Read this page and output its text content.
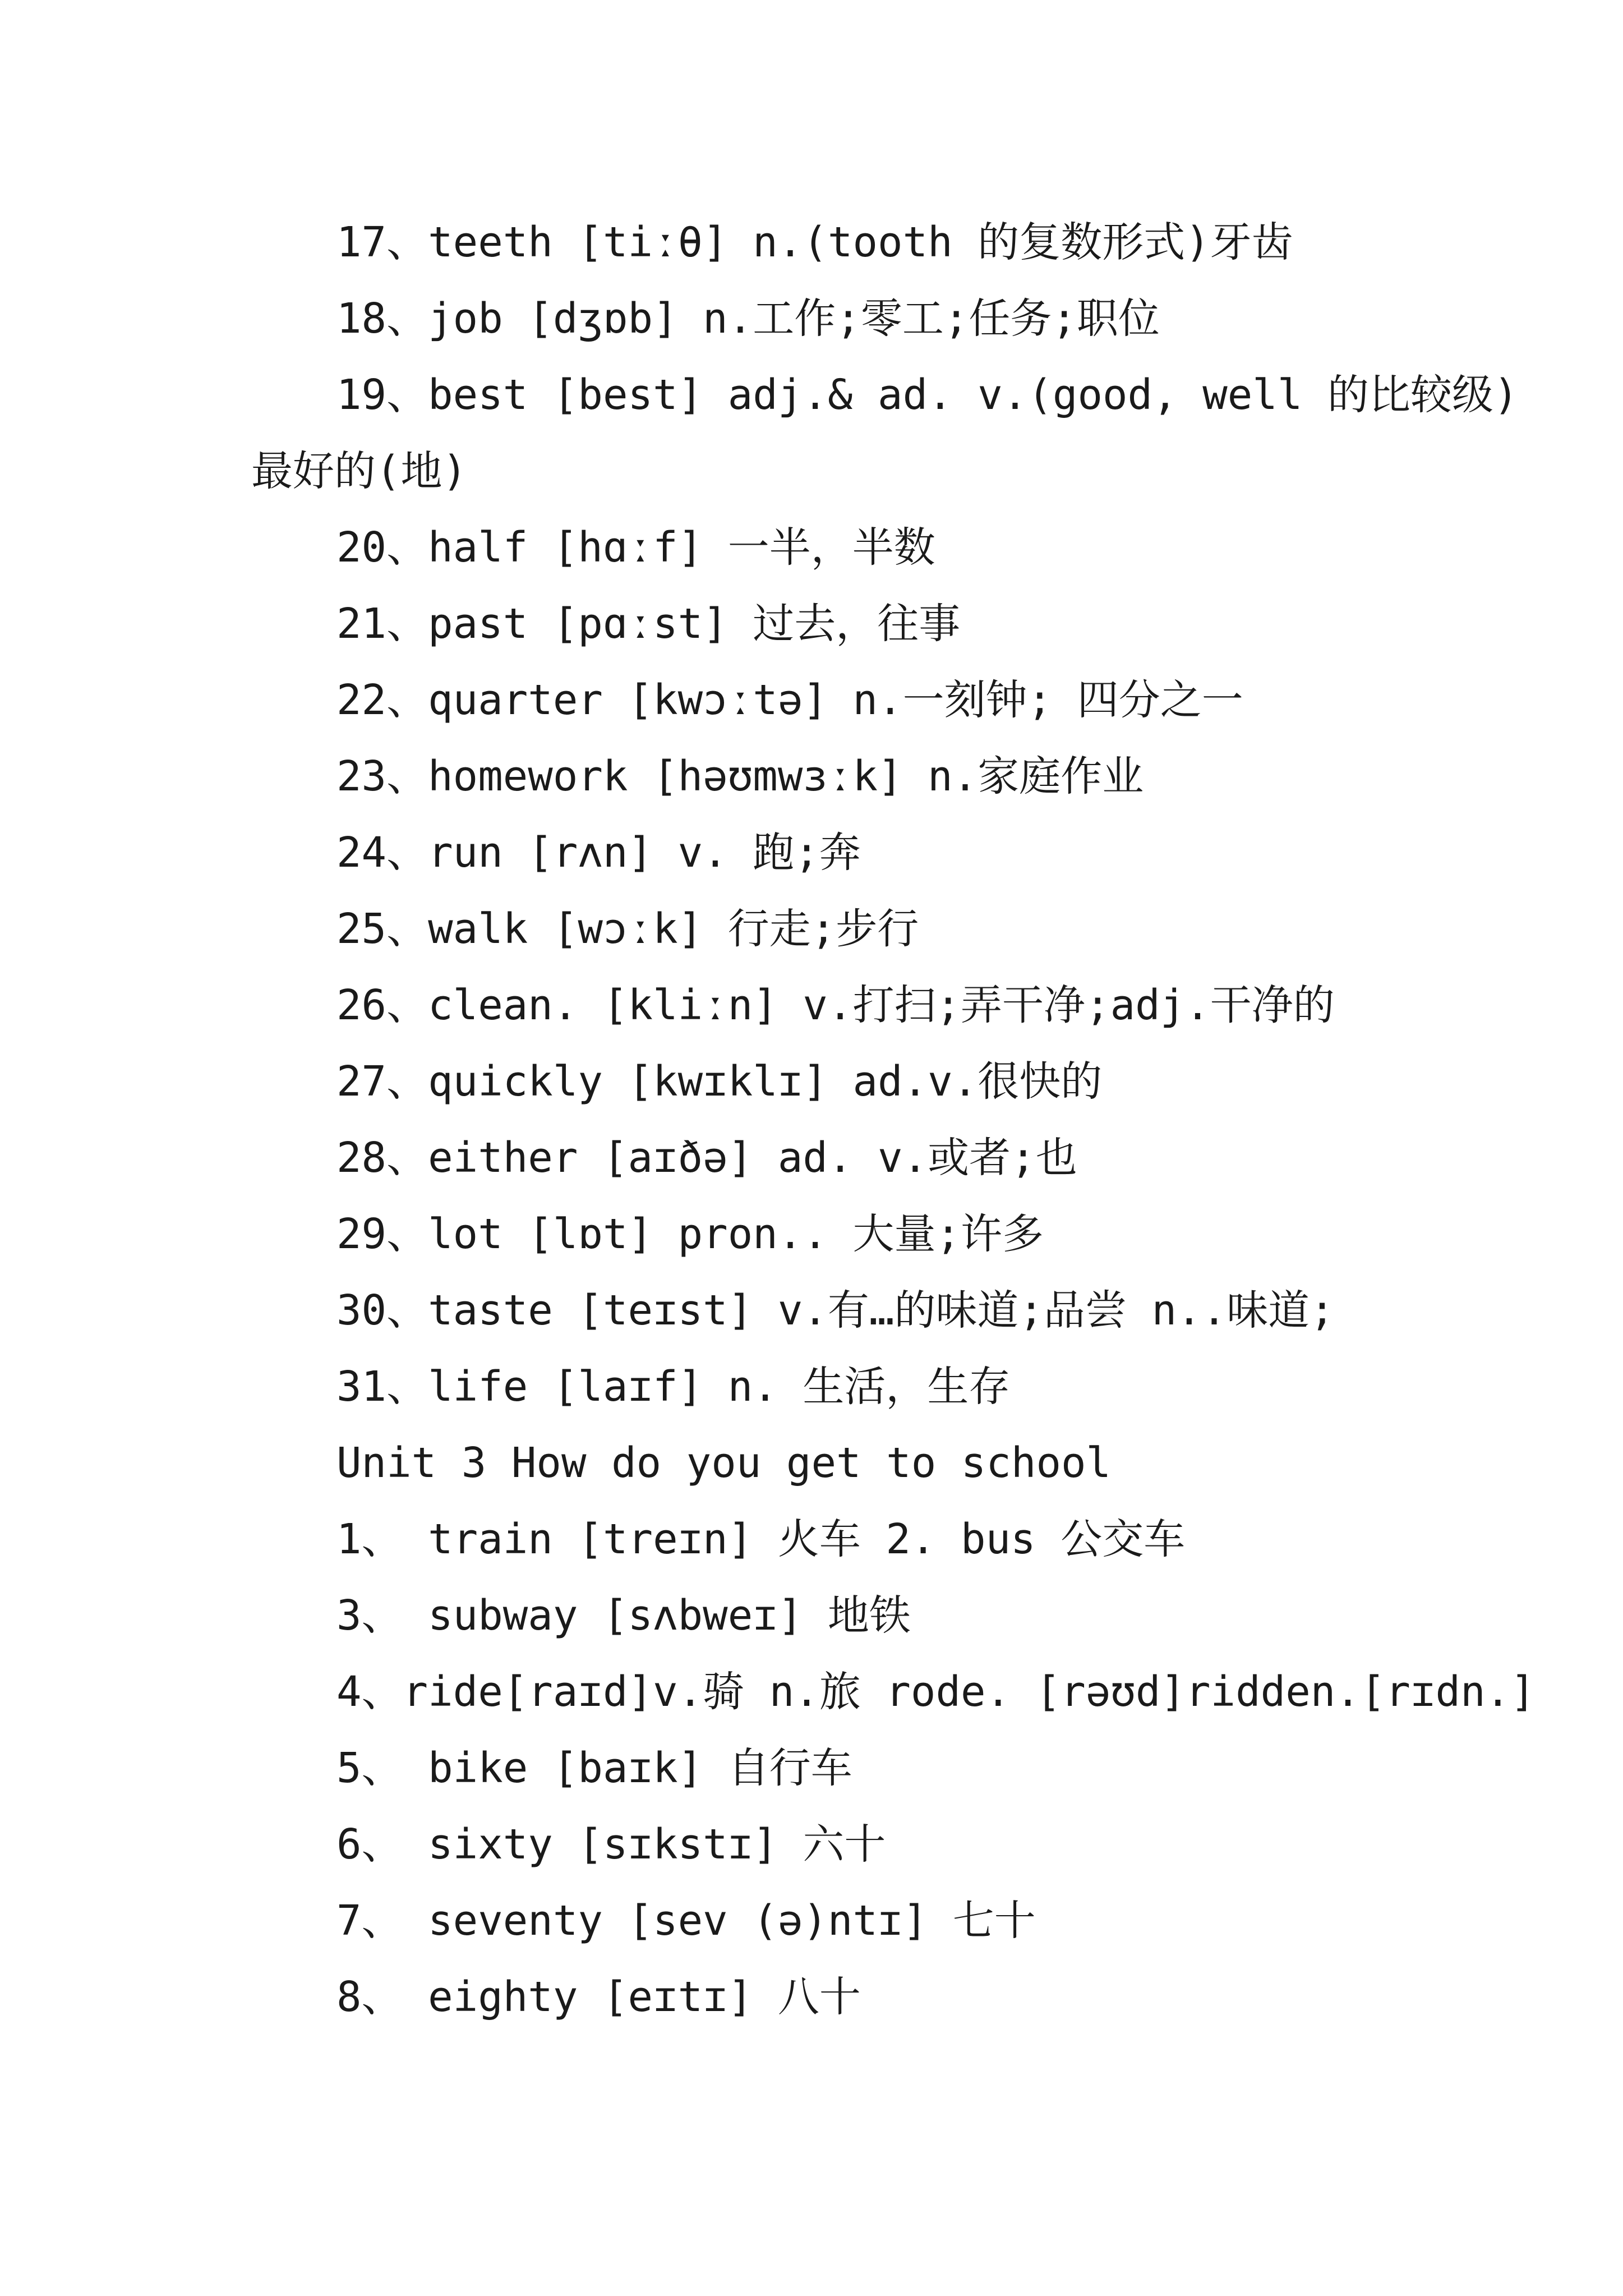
17、teeth [tiːθ] n.(tooth 的复数形式)牙齿
18、job [dʒɒb] n.工作;零工;任务;职位
19、best [best] adj.& ad. v.(good, well 的比较级)
最好的(地)
20、half [hɑːf] 一半，半数
21、past [pɑːst] 过去，往事
22、quarter [kwɔːtə] n.一刻钟; 四分之一
23、homework [həʊmwɜːk] n.家庭作业
24、run [rʌn] v. 跑;奔
25、walk [wɔːk] 行走;步行
26、clean. [kliːn] v.打扫;弄干净;adj.干净的
27、quickly [kwɪklɪ] ad.v.很快的
28、either [aɪðə] ad. v.或者;也
29、lot [lɒt] pron.. 大量;许多
30、taste [teɪst] v.有…的味道;品尝 n..味道;
31、life [laɪf] n. 生活，生存
Unit 3 How do you get to school
1、 train [treɪn] 火车 2. bus 公交车
3、 subway [sʌbweɪ] 地铁
4、ride[raɪd]v.骑 n.旅 rode. [rəʊd]ridden.[rɪdn.]
5、 bike [baɪk] 自行车
6、 sixty [sɪkstɪ] 六十
7、 seventy [sev (ə)ntɪ] 七十
8、 eighty [eɪtɪ] 八十
